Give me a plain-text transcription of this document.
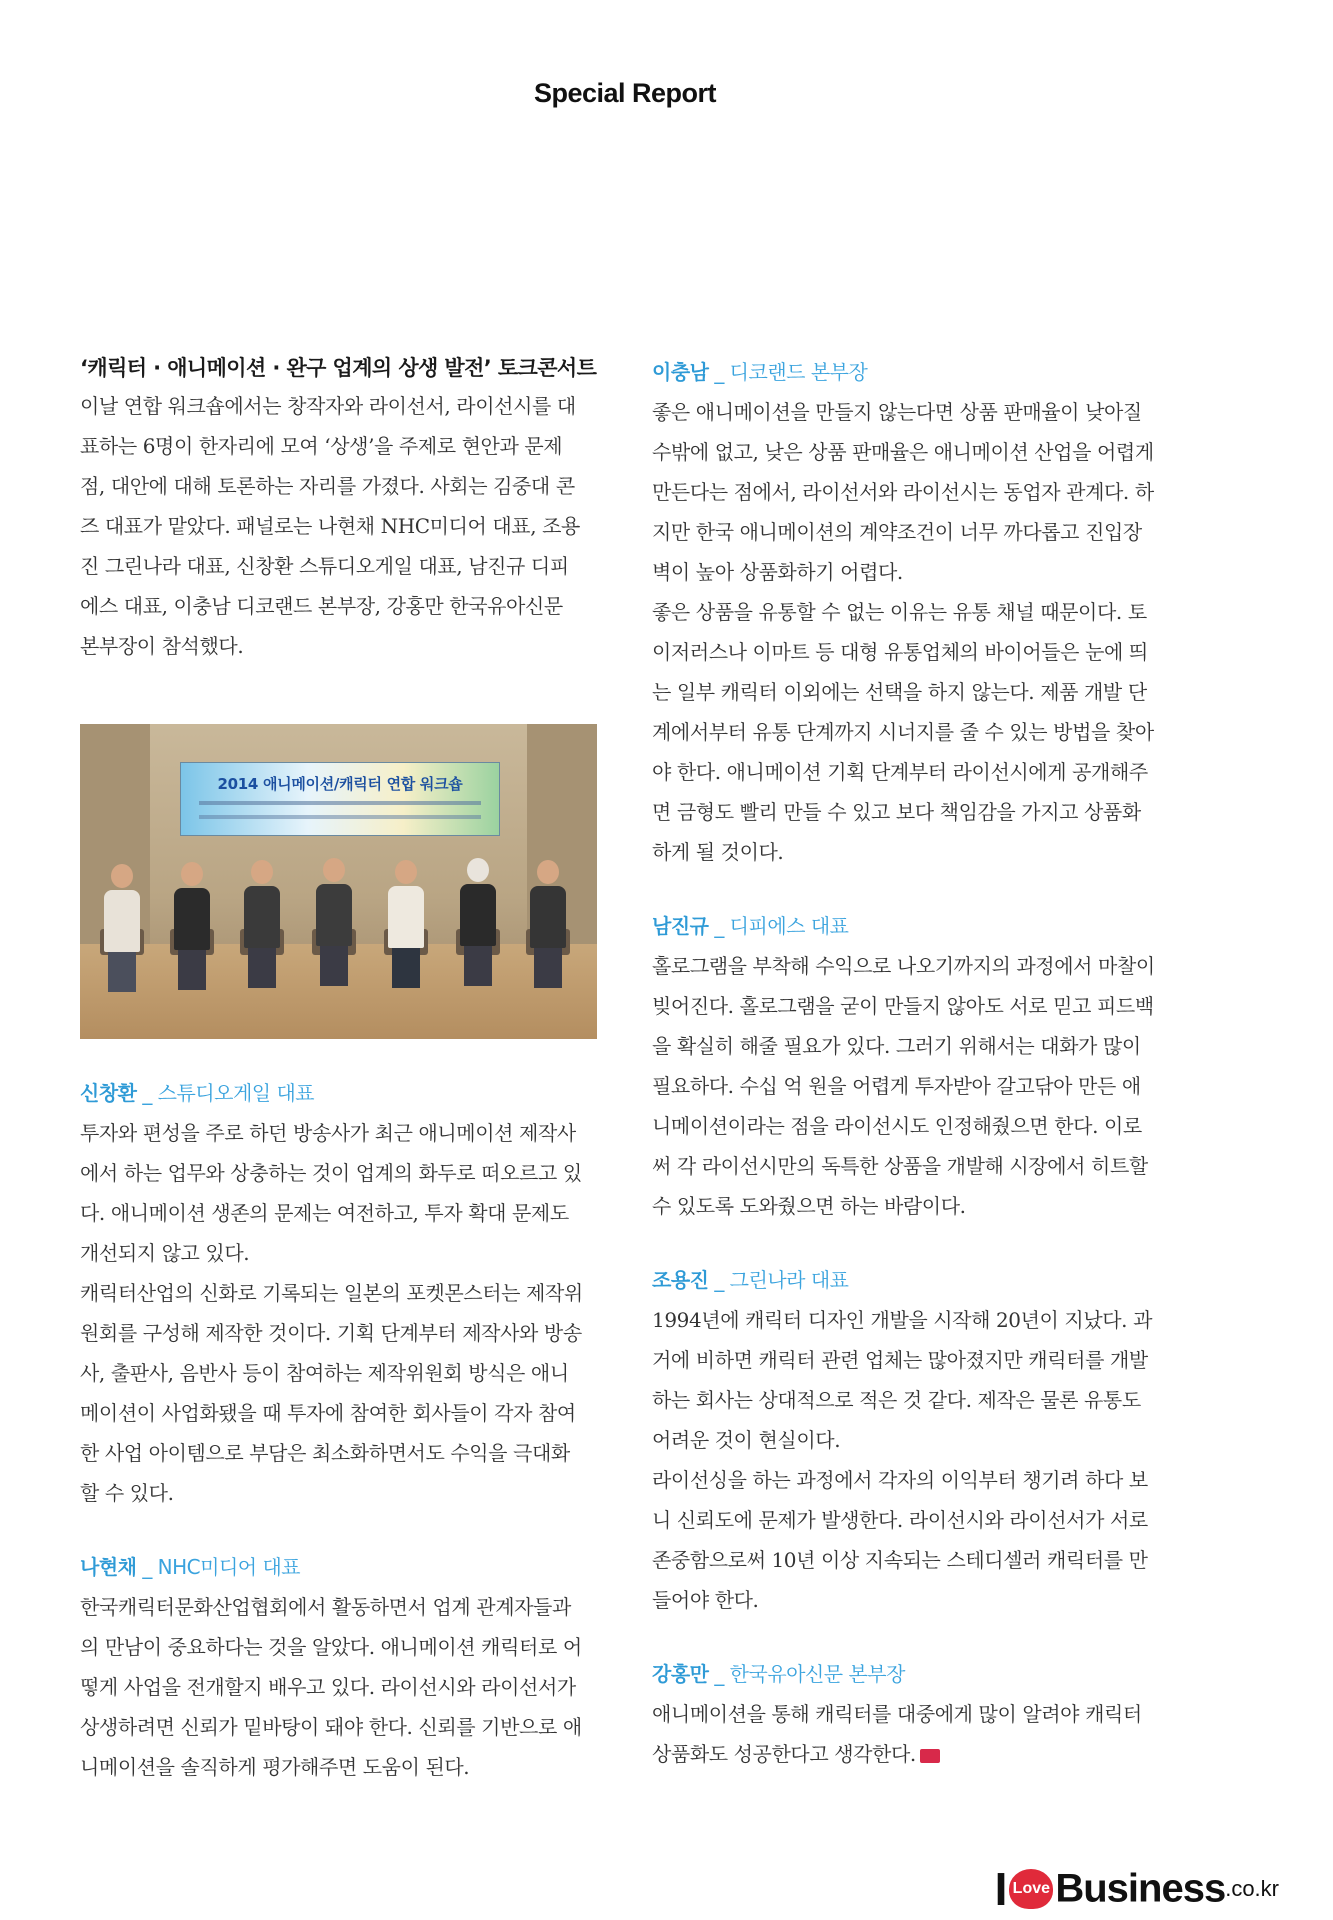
Special Report

‘캐릭터 · 애니메이션 · 완구 업계의 상생 발전’ 토크콘서트

이날 연합 워크숍에서는 창작자와 라이선서, 라이선시를 대

표하는 6명이 한자리에 모여 ‘상생’을 주제로 현안과 문제

점, 대안에 대해 토론하는 자리를 가졌다. 사회는 김중대 콘

즈 대표가 맡았다. 패널로는 나현채 NHC미디어 대표, 조용

진 그린나라 대표, 신창환 스튜디오게일 대표, 남진규 디피

에스 대표, 이충남 디코랜드 본부장, 강홍만 한국유아신문

본부장이 참석했다.

2014 애니메이션/캐릭터 연합 워크숍

신창환 _ 스튜디오게일 대표

투자와 편성을 주로 하던 방송사가 최근 애니메이션 제작사

에서 하는 업무와 상충하는 것이 업계의 화두로 떠오르고 있

다. 애니메이션 생존의 문제는 여전하고, 투자 확대 문제도

개선되지 않고 있다.

캐릭터산업의 신화로 기록되는 일본의 포켓몬스터는 제작위

원회를 구성해 제작한 것이다. 기획 단계부터 제작사와 방송

사, 출판사, 음반사 등이 참여하는 제작위원회 방식은 애니

메이션이 사업화됐을 때 투자에 참여한 회사들이 각자 참여

한 사업 아이템으로 부담은 최소화하면서도 수익을 극대화

할 수 있다.

나현채 _ NHC미디어 대표

한국캐릭터문화산업협회에서 활동하면서 업계 관계자들과

의 만남이 중요하다는 것을 알았다. 애니메이션 캐릭터로 어

떻게 사업을 전개할지 배우고 있다. 라이선시와 라이선서가

상생하려면 신뢰가 밑바탕이 돼야 한다. 신뢰를 기반으로 애

니메이션을 솔직하게 평가해주면 도움이 된다.

이충남 _ 디코랜드 본부장

좋은 애니메이션을 만들지 않는다면 상품 판매율이 낮아질

수밖에 없고, 낮은 상품 판매율은 애니메이션 산업을 어렵게

만든다는 점에서, 라이선서와 라이선시는 동업자 관계다. 하

지만 한국 애니메이션의 계약조건이 너무 까다롭고 진입장

벽이 높아 상품화하기 어렵다.

좋은 상품을 유통할 수 없는 이유는 유통 채널 때문이다. 토

이저러스나 이마트 등 대형 유통업체의 바이어들은 눈에 띄

는 일부 캐릭터 이외에는 선택을 하지 않는다. 제품 개발 단

계에서부터 유통 단계까지 시너지를 줄 수 있는 방법을 찾아

야 한다. 애니메이션 기획 단계부터 라이선시에게 공개해주

면 금형도 빨리 만들 수 있고 보다 책임감을 가지고 상품화

하게 될 것이다.

남진규 _ 디피에스 대표

홀로그램을 부착해 수익으로 나오기까지의 과정에서 마찰이

빚어진다. 홀로그램을 굳이 만들지 않아도 서로 믿고 피드백

을 확실히 해줄 필요가 있다. 그러기 위해서는 대화가 많이

필요하다. 수십 억 원을 어렵게 투자받아 갈고닦아 만든 애

니메이션이라는 점을 라이선시도 인정해줬으면 한다. 이로

써 각 라이선시만의 독특한 상품을 개발해 시장에서 히트할

수 있도록 도와줬으면 하는 바람이다.

조용진 _ 그린나라 대표

1994년에 캐릭터 디자인 개발을 시작해 20년이 지났다. 과

거에 비하면 캐릭터 관련 업체는 많아졌지만 캐릭터를 개발

하는 회사는 상대적으로 적은 것 같다. 제작은 물론 유통도

어려운 것이 현실이다.

라이선싱을 하는 과정에서 각자의 이익부터 챙기려 하다 보

니 신뢰도에 문제가 발생한다. 라이선시와 라이선서가 서로

존중함으로써 10년 이상 지속되는 스테디셀러 캐릭터를 만

들어야 한다.

강홍만 _ 한국유아신문 본부장

애니메이션을 통해 캐릭터를 대중에게 많이 알려야 캐릭터

상품화도 성공한다고 생각한다.

I Love Business.co.kr
